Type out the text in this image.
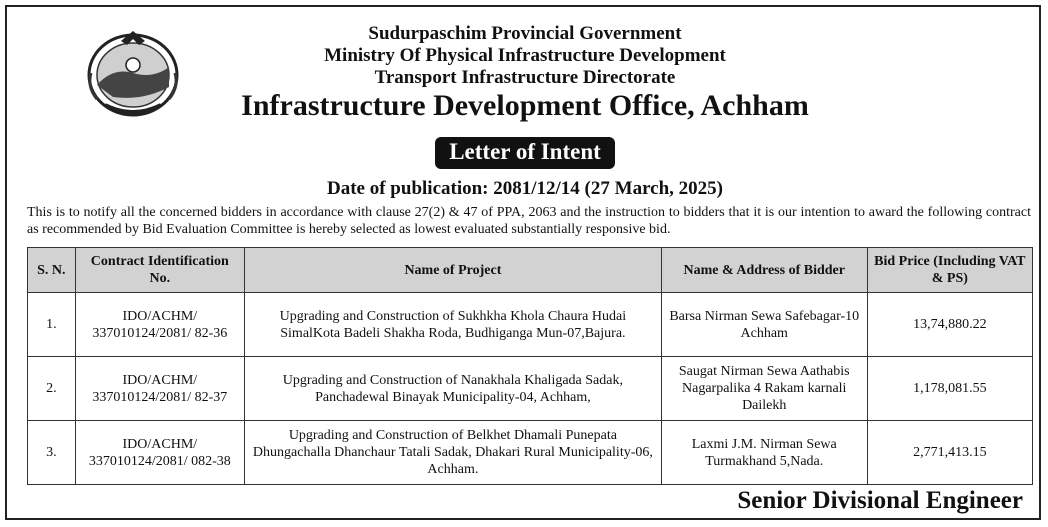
Sudurpaschim Provincial Government
Ministry Of Physical Infrastructure Development
Transport Infrastructure Directorate
Infrastructure Development Office, Achham
Letter of Intent
Date of publication: 2081/12/14 (27 March, 2025)
This is to notify all the concerned bidders in accordance with clause 27(2) & 47 of PPA, 2063 and the instruction to bidders that it is our intention to award the following contract as recommended by Bid Evaluation Committee is hereby selected as lowest evaluated substantially responsive bid.
S. N.	Contract Identification No.	Name of Project	Name & Address of Bidder	Bid Price (Including VAT & PS)
1.	IDO/ACHM/ 337010124/2081/ 82-36	Upgrading and Construction of Sukhkha Khola Chaura Hudai SimalKota Badeli Shakha Roda, Budhiganga Mun-07,Bajura.	Barsa Nirman Sewa Safebagar-10 Achham	13,74,880.22
2.	IDO/ACHM/ 337010124/2081/ 82-37	Upgrading and Construction of Nanakhala Khaligada Sadak, Panchadewal Binayak Municipality-04, Achham,	Saugat Nirman Sewa Aathabis Nagarpalika 4 Rakam karnali Dailekh	1,178,081.55
3.	IDO/ACHM/ 337010124/2081/ 082-38	Upgrading and Construction of Belkhet Dhamali Punepata Dhungachalla Dhanchaur Tatali Sadak, Dhakari Rural Municipality-06, Achham.	Laxmi J.M. Nirman Sewa Turmakhand 5,Nada.	2,771,413.15
Senior Divisional Engineer
